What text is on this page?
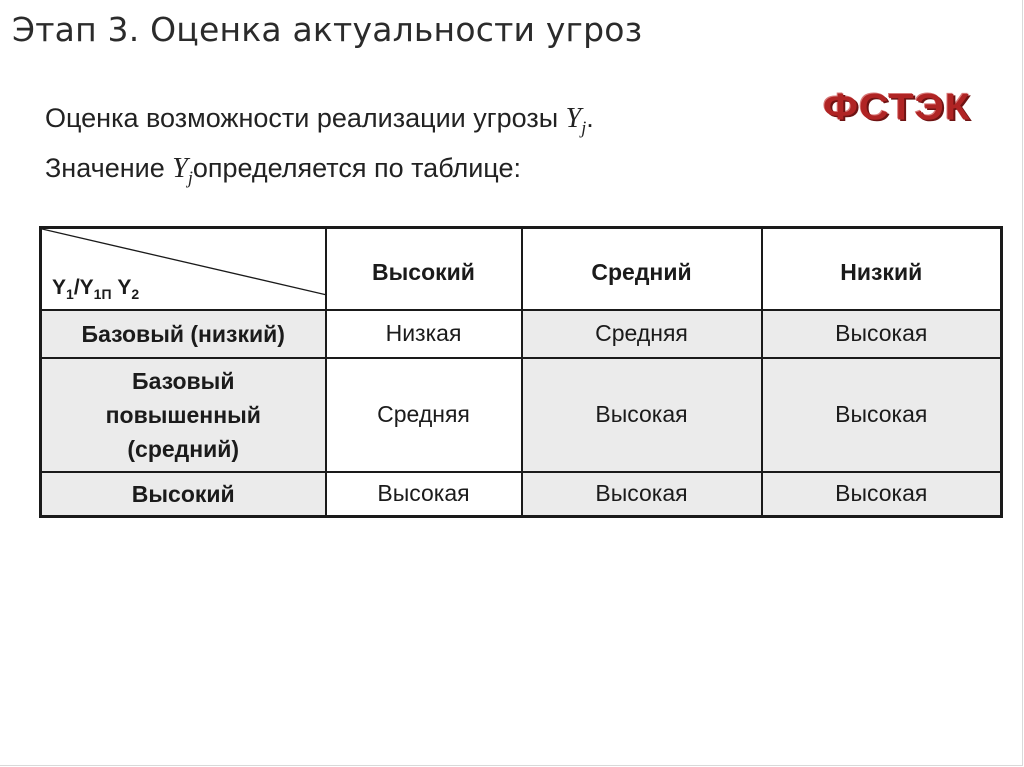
Этап 3. Оценка актуальности угроз
ФСТЭК
Оценка возможности реализации угрозы $Y_j$.
Значение $Y_jопределяется$ по таблице:
$Y_1/Y_{1П}$ $Y_2$	Высокий	Средний	Низкий

Базовый (низкий)	Низкая	Средняя	Высокая

Базовый
повышенный
(средний)	Средняя	Высокая	Высокая
Высокий	Высокая	Высокая	Высокая
